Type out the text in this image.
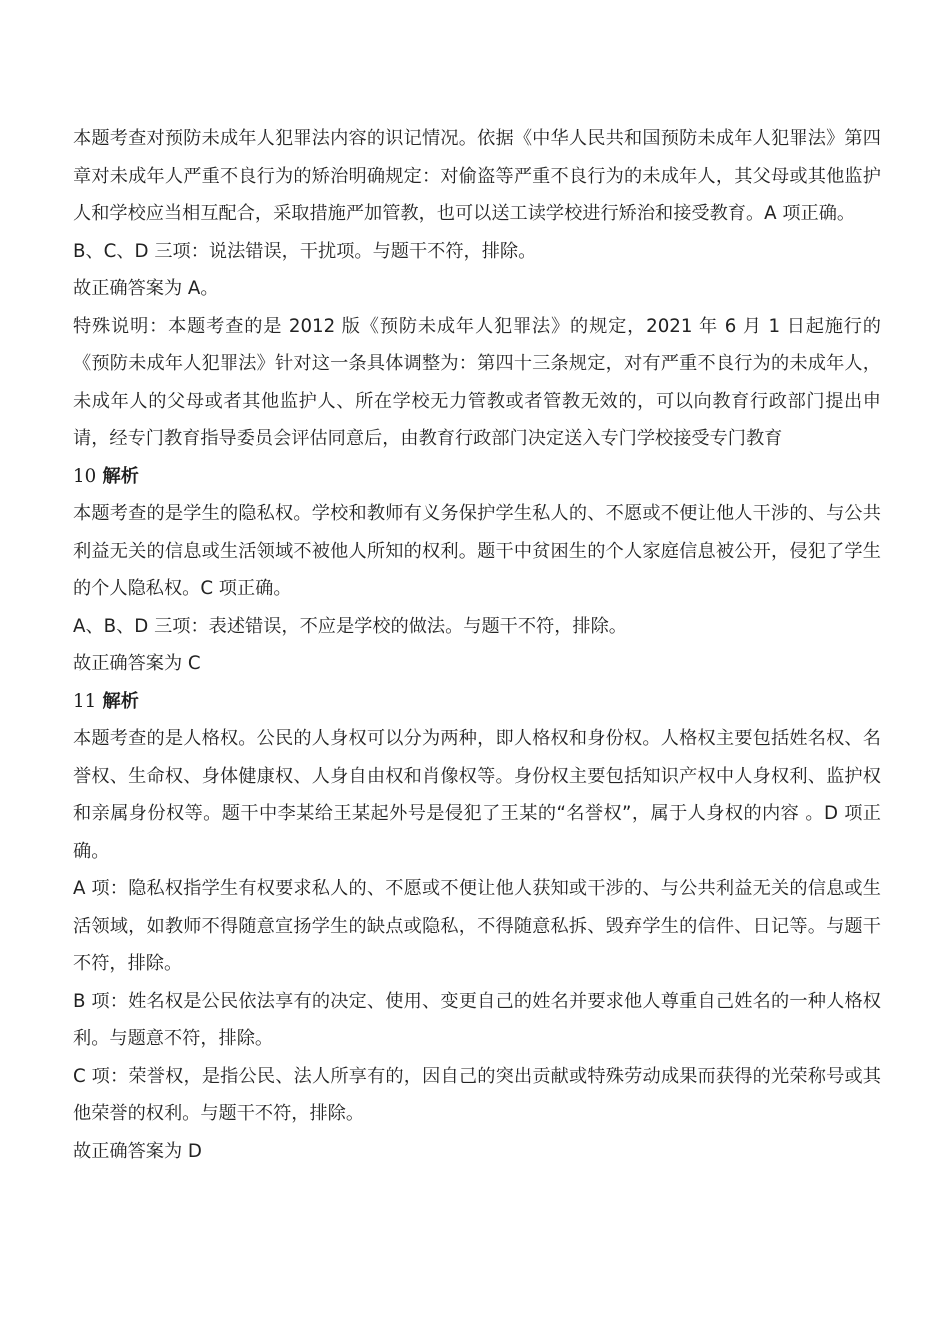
本题考查对预防未成年人犯罪法内容的识记情况。依据《中华人民共和国预防未成年人犯罪法》第四章对未成年人严重不良行为的矫治明确规定：对偷盗等严重不良行为的未成年人，其父母或其他监护人和学校应当相互配合，采取措施严加管教，也可以送工读学校进行矫治和接受教育。A 项正确。

B、C、D 三项：说法错误，干扰项。与题干不符，排除。

故正确答案为 A。

特殊说明：本题考查的是 2012 版《预防未成年人犯罪法》的规定，2021 年 6 月 1 日起施行的《预防未成年人犯罪法》针对这一条具体调整为：第四十三条规定，对有严重不良行为的未成年人，未成年人的父母或者其他监护人、所在学校无力管教或者管教无效的，可以向教育行政部门提出申请，经专门教育指导委员会评估同意后，由教育行政部门决定送入专门学校接受专门教育

10 解析

本题考查的是学生的隐私权。学校和教师有义务保护学生私人的、不愿或不便让他人干涉的、与公共利益无关的信息或生活领域不被他人所知的权利。题干中贫困生的个人家庭信息被公开，侵犯了学生的个人隐私权。C 项正确。

A、B、D 三项：表述错误，不应是学校的做法。与题干不符，排除。

故正确答案为 C

11 解析

本题考查的是人格权。公民的人身权可以分为两种，即人格权和身份权。人格权主要包括姓名权、名誉权、生命权、身体健康权、人身自由权和肖像权等。身份权主要包括知识产权中人身权利、监护权和亲属身份权等。题干中李某给王某起外号是侵犯了王某的“名誉权”，属于人身权的内容 。D 项正确。

A 项：隐私权指学生有权要求私人的、不愿或不便让他人获知或干涉的、与公共利益无关的信息或生活领域，如教师不得随意宣扬学生的缺点或隐私，不得随意私拆、毁弃学生的信件、日记等。与题干不符，排除。

B 项：姓名权是公民依法享有的决定、使用、变更自己的姓名并要求他人尊重自己姓名的一种人格权利。与题意不符，排除。

C 项：荣誉权，是指公民、法人所享有的，因自己的突出贡献或特殊劳动成果而获得的光荣称号或其他荣誉的权利。与题干不符，排除。

故正确答案为 D
